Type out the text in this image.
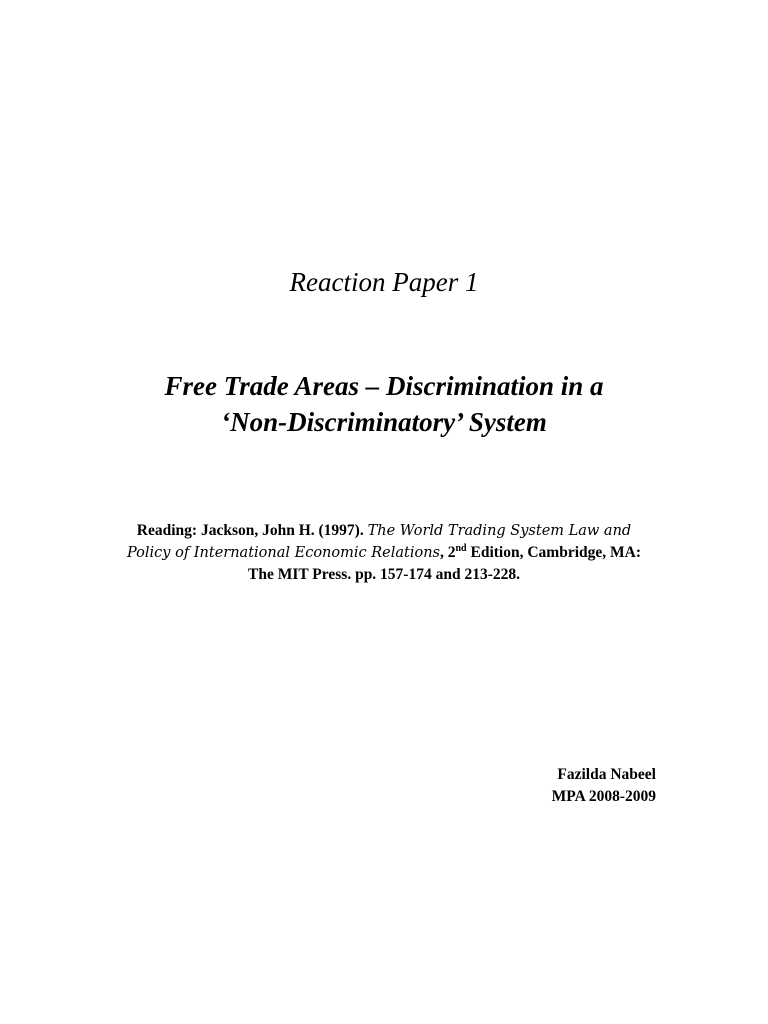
Reaction Paper 1
Free Trade Areas – Discrimination in a
‘Non-Discriminatory’ System
Reading: Jackson, John H. (1997). The World Trading System Law and
Policy of International Economic Relations, 2nd Edition, Cambridge, MA:
The MIT Press. pp. 157-174 and 213-228.
Fazilda Nabeel
MPA 2008-2009
